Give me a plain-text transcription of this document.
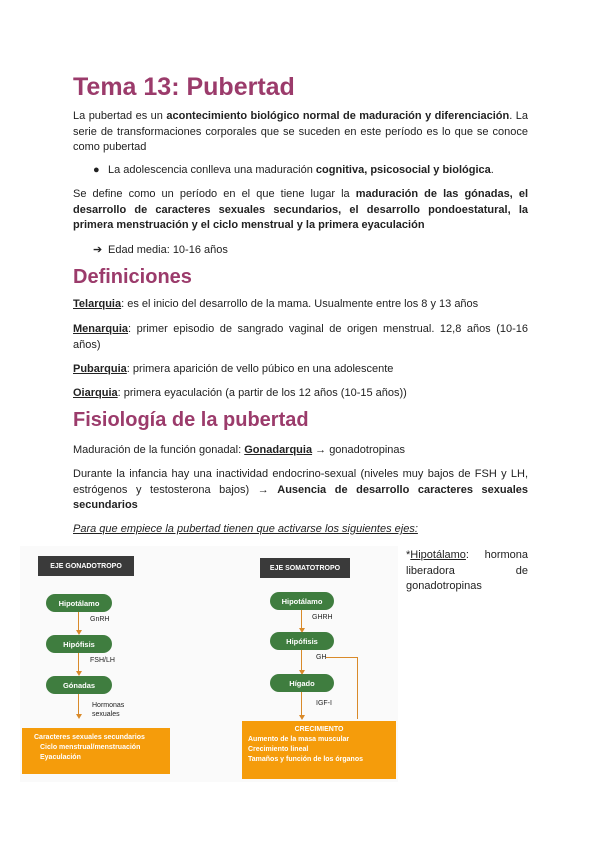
Tema 13: Pubertad
La pubertad es un acontecimiento biológico normal de maduración y diferenciación. La serie de transformaciones corporales que se suceden en este período es lo que se conoce como pubertad
● La adolescencia conlleva una maduración cognitiva, psicosocial y biológica.
Se define como un período en el que tiene lugar la maduración de las gónadas, el desarrollo de caracteres sexuales secundarios, el desarrollo pondoestatural, la primera menstruación y el ciclo menstrual y la primera eyaculación
➔ Edad media: 10-16 años
Definiciones
Telarquia: es el inicio del desarrollo de la mama. Usualmente entre los 8 y 13 años
Menarquia: primer episodio de sangrado vaginal de origen menstrual. 12,8 años (10-16 años)
Pubarquia: primera aparición de vello púbico en una adolescente
Oiarquia: primera eyaculación (a partir de los 12 años (10-15 años))
Fisiología de la pubertad
Maduración de la función gonadal: Gonadarquia → gonadotropinas
Durante la infancia hay una inactividad endocrino-sexual (niveles muy bajos de FSH y LH, estrógenos y testosterona bajos) → Ausencia de desarrollo caracteres sexuales secundarios
Para que empiece la pubertad tienen que activarse los siguientes ejes:
EJE GONADOTROPO
Hipotálamo
GnRH
Hipófisis
FSH/LH
Gónadas
Hormonas sexuales
Caracteres sexuales secundarios
Ciclo menstrual/menstruación
Eyaculación
EJE SOMATOTROPO
Hipotálamo
GHRH
Hipófisis
GH
Hígado
IGF-I
CRECIMIENTO
Aumento de la masa muscular
Crecimiento lineal
Tamaños y función de los órganos
*Hipotálamo: hormona liberadora de gonadotropinas
